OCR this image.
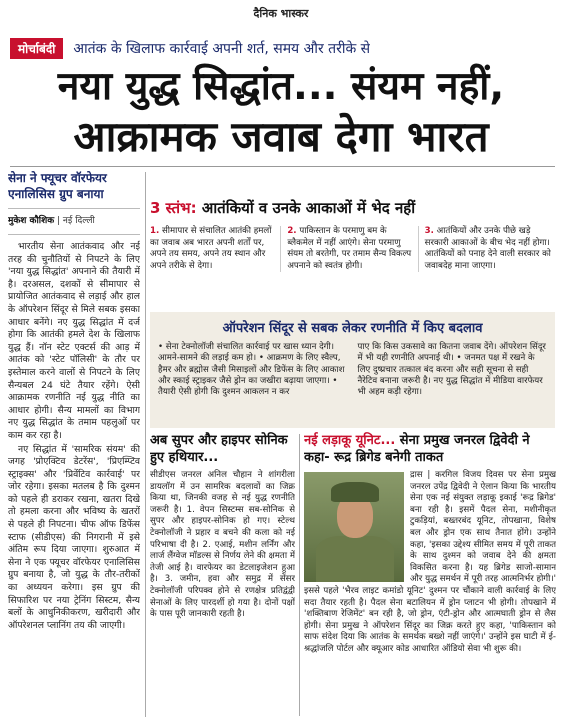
दैनिक भास्कर
मोर्चाबंदी	आतंक के खिलाफ कार्रवाई अपनी शर्त, समय और तरीके से
नया युद्ध सिद्धांत... संयम नहीं,
आक्रामक जवाब देगा भारत
सेना ने फ्यूचर वॉरफेयर एनालिसिस ग्रुप बनाया
मुकेश कौशिक | नई दिल्ली

भारतीय सेना आतंकवाद और नई तरह की चुनौतियों से निपटने के लिए 'नया युद्ध सिद्धांत' अपनाने की तैयारी में है। दरअसल, दशकों से सीमापार से प्रायोजित आतंकवाद से लड़ाई और हाल के ऑपरेशन सिंदूर से मिले सबक इसका आधार बनेंगे। नए युद्ध सिद्धांत में दर्ज होगा कि आतंकी हमले देश के खिलाफ युद्ध हैं। नॉन स्टेट एक्टर्स की आड़ में आतंक को 'स्टेट पॉलिसी' के तौर पर इस्तेमाल करने वालों से निपटने के लिए सैन्यबल 24 घंटे तैयार रहेंगे। ऐसी आक्रामक रणनीति नई युद्ध नीति का आधार होगी। सैन्य मामलों का विभाग नए युद्ध सिद्धांत के तमाम पहलुओं पर काम कर रहा है।

नए सिद्धांत में 'सामरिक संयम' की जगह 'प्रोएक्टिव डेटरेंस', 'प्रिएम्प्टिव स्ट्राइक्स' और 'प्रिवेंटिव कार्रवाई' पर जोर रहेगा। इसका मतलब है कि दुश्मन को पहले ही डराकर रखना, खतरा दिखे तो हमला करना और भविष्य के खतरों से पहले ही निपटना। चीफ ऑफ डिफेंस स्टाफ (सीडीएस) की निगरानी में इसे अंतिम रूप दिया जाएगा। शुरुआत में सेना ने एक फ्यूचर वॉरफेयर एनालिसिस ग्रुप बनाया है, जो युद्ध के तौर-तरीकों का अध्ययन करेगा। इस ग्रुप की सिफारिश पर नया ट्रेनिंग सिस्टम, सैन्य बलों के आधुनिकीकरण, खरीदारी और ऑपरेशनल प्लानिंग तय की जाएगी।

3 स्तंभ: आतंकियों व उनके आकाओं में भेद नहीं
1. सीमापार से संचालित आतंकी हमलों का जवाब अब भारत अपनी शर्तों पर, अपने तय समय, अपने तय स्थान और अपने तरीके से देगा।
2. पाकिस्तान के परमाणु बम के ब्लैकमेल में नहीं आएंगे। सेना परमाणु संयम तो बरतेगी, पर तमाम सैन्य विकल्प अपनाने को स्वतंत्र होगी।
3. आतंकियों और उनके पीछे खड़े सरकारी आकाओं के बीच भेद नहीं होगा। आतंकियों को पनाह देने वाली सरकार को जवाबदेह माना जाएगा।
ऑपरेशन सिंदूर से सबक लेकर रणनीति में किए बदलाव
• सेना टेक्नोलॉजी संचालित कार्रवाई पर खास ध्यान देगी। आमने-सामने की लड़ाई कम हो। • आक्रमण के लिए स्वैल्प, हैमर और ब्रह्मोस जैसी मिसाइलों और डिफेंस के लिए आकाश और स्काई स्ट्राइकर जैसे ड्रोन का जखीरा बढ़ाया जाएगा। • तैयारी ऐसी होगी कि दुश्मन आकलन न कर
पाए कि किस उकसावे का कितना जवाब देंगे। ऑपरेशन सिंदूर में भी यही रणनीति अपनाई थी। • जनमत पक्ष में रखने के लिए दुष्प्रचार तत्काल बंद करना और सही सूचना से सही नैरेटिव बनाना जरूरी है। नए युद्ध सिद्धांत में मीडिया वारफेयर भी अहम कड़ी रहेगा।
अब सुपर और हाइपर सोनिक हुए हथियार...
सीडीएस जनरल अनिल चौहान ने शांगरीला डायलॉग में उन सामरिक बदलावों का जिक्र किया था, जिनकी वजह से नई युद्ध रणनीति जरूरी है। 1. वेपन सिस्टम्स सब-सोनिक से सुपर और हाइपर-सोनिक हो गए। स्टेल्थ टेक्नोलॉजी ने प्रहार व बचने की कला को नई परिभाषा दी है। 2. एआई, मशीन लर्निंग और लार्ज लैंग्वेज मॉडल्स से निर्णय लेने की क्षमता में तेजी आई है। वारफेयर का डेटलाइजेशन हुआ है। 3. जमीन, हवा और समुद्र में सेंसर टेक्नोलॉजी परिपक्व होने से रणक्षेत्र प्रतिद्वंद्वी सेनाओं के लिए पारदर्शी हो गया है। दोनों पक्षों के पास पूरी जानकारी रहती है।
नई लड़ाकू यूनिट... सेना प्रमुख जनरल द्विवेदी ने कहा- रूद्र ब्रिगेड बनेगी ताकत
द्रास | करगिल विजय दिवस पर सेना प्रमुख जनरल उपेंद्र द्विवेदी ने ऐलान किया कि भारतीय सेना एक नई संयुक्त लड़ाकू इकाई 'रूद्र ब्रिगेड' बना रही है। इसमें पैदल सेना, मशीनीकृत टुकड़ियां, बख्तरबंद यूनिट, तोपखाना, विशेष बल और ड्रोन एक साथ तैनात होंगे। उन्होंने कहा, 'इसका उद्देश्य सीमित समय में पूरी ताकत के साथ दुश्मन को जवाब देने की क्षमता विकसित करना है। यह ब्रिगेड साजो-सामान और युद्ध समर्थन में पूरी तरह आत्मनिर्भर होगी।' इससे पहले 'भैरव लाइट कमांडो यूनिट' दुश्मन पर चौंकाने वाली कार्रवाई के लिए सदा तैयार रहती है। पैदल सेना बटालियन में ड्रोन प्लाटन भी होगी। तोपखाने में 'शक्तिबाण रेजिमेंट' बन रही है, जो ड्रोन, एंटी-ड्रोन और आत्मघाती ड्रोन से लैस होगी। सेना प्रमुख ने ऑपरेशन सिंदूर का जिक्र करते हुए कहा, 'पाकिस्तान को साफ संदेश दिया कि आतंक के समर्थक बख्शे नहीं जाएंगे।' उन्होंने इस घाटी में ई-श्रद्धांजलि पोर्टल और क्यूआर कोड आधारित ऑडियो सेवा भी शुरू की।
